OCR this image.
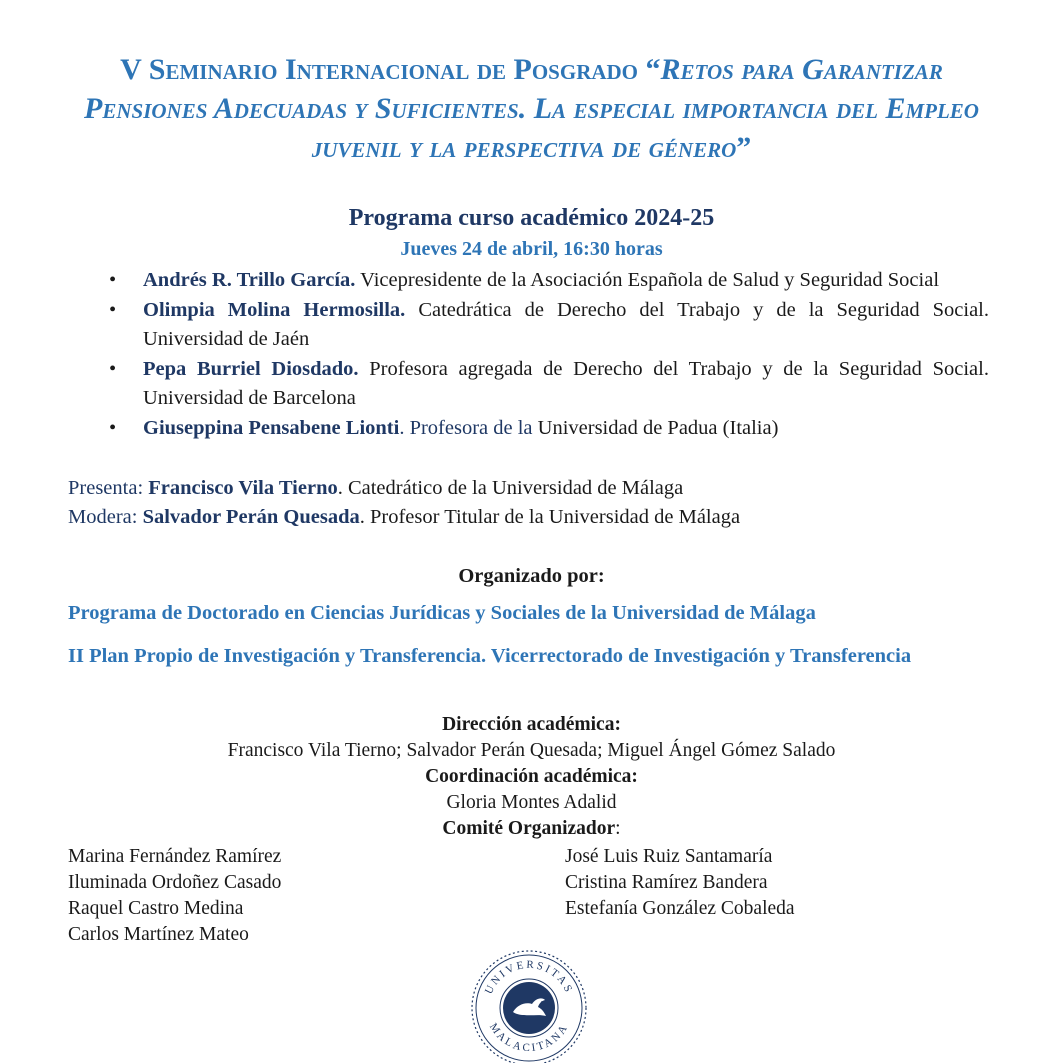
V Seminario Internacional de Posgrado “Retos para Garantizar Pensiones Adecuadas y Suficientes. La especial importancia del Empleo juvenil y la perspectiva de género”
Programa curso académico 2024-25
Jueves 24 de abril, 16:30 horas
• Andrés R. Trillo García. Vicepresidente de la Asociación Española de Salud y Seguridad Social
• Olimpia Molina Hermosilla. Catedrática de Derecho del Trabajo y de la Seguridad Social. Universidad de Jaén
• Pepa Burriel Diosdado. Profesora agregada de Derecho del Trabajo y de la Seguridad Social. Universidad de Barcelona
• Giuseppina Pensabene Lionti. Profesora de la Universidad de Padua (Italia)
Presenta: Francisco Vila Tierno. Catedrático de la Universidad de Málaga
Modera: Salvador Perán Quesada. Profesor Titular de la Universidad de Málaga
Organizado por:
Programa de Doctorado en Ciencias Jurídicas y Sociales de la Universidad de Málaga
II Plan Propio de Investigación y Transferencia. Vicerrectorado de Investigación y Transferencia
Dirección académica:
Francisco Vila Tierno; Salvador Perán Quesada; Miguel Ángel Gómez Salado
Coordinación académica:
Gloria Montes Adalid
Comité Organizador:
Marina Fernández Ramírez
Iluminada Ordoñez Casado
Raquel Castro Medina
Carlos Martínez Mateo
José Luis Ruiz Santamaría
Cristina Ramírez Bandera
Estefanía González Cobaleda
UNIVERSITAS
MALACITANA
